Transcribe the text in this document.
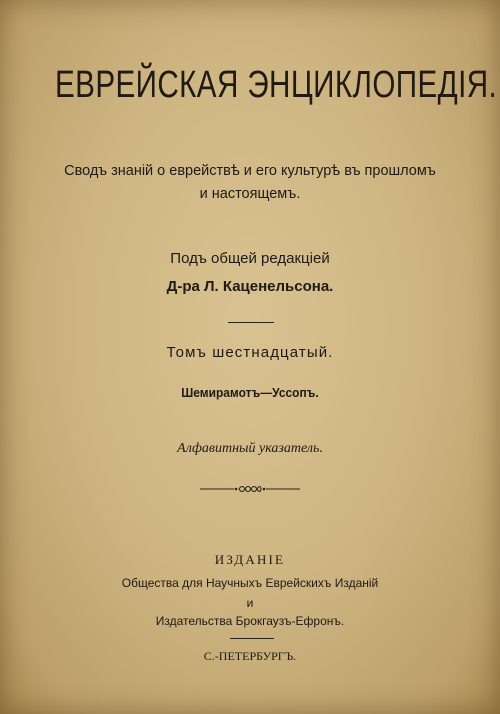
ЕВРЕЙСКАЯ ЭНЦИКЛОПЕДІЯ.
Сводъ знаній о еврействѣ и его культурѣ въ прошломъ
и настоящемъ.
Подъ общей редакціей
Д-ра Л. Каценельсона.
Томъ шестнадцатый.
Шемирамотъ—Уссопъ.
Алфавитный указатель.
ИЗДАНІЕ
Общества для Научныхъ Еврейскихъ Изданій
и
Издательства Брокгаузъ-Ефронъ.
С.-ПЕТЕРБУРГЪ.
